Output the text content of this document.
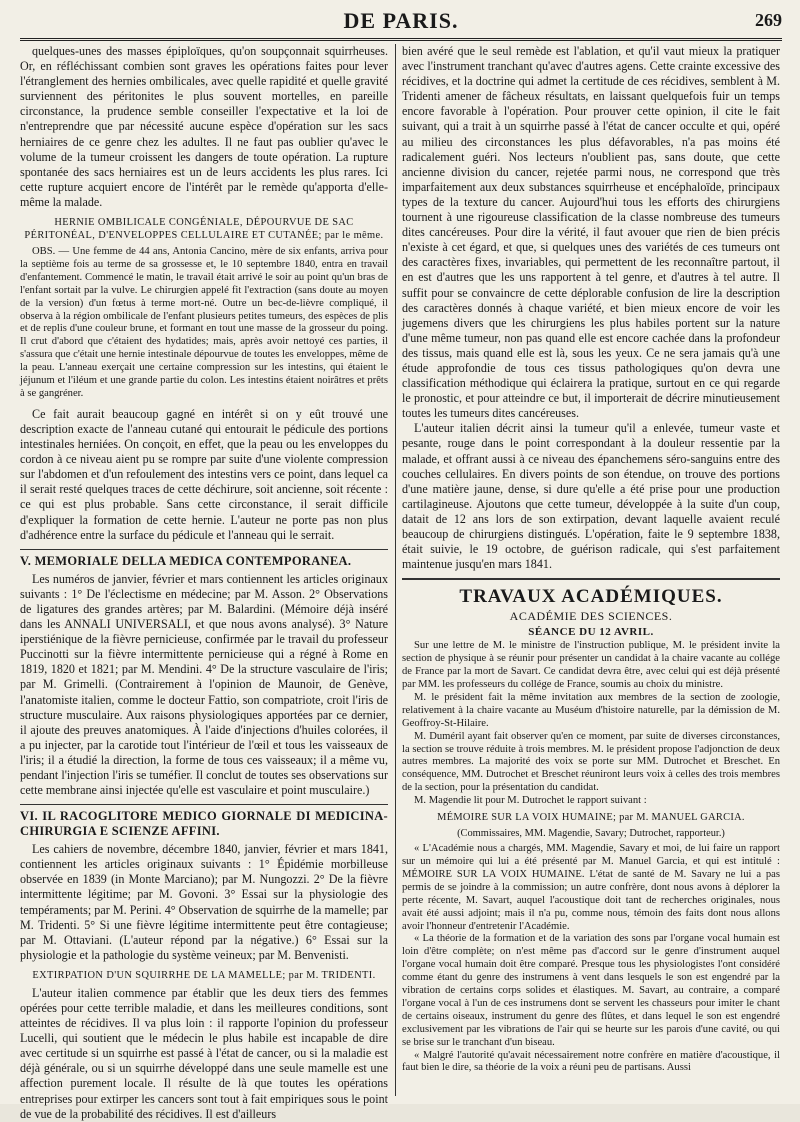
DE PARIS.	269

quelques-unes des masses épiploïques, qu'on soupçonnait squirrheuses. Or, en réfléchissant combien sont graves les opérations faites pour lever l'étranglement des hernies ombilicales, avec quelle rapidité et quelle gravité surviennent des péritonites le plus souvent mortelles, en pareille circonstance, la prudence semble conseiller l'expectative et la loi de n'entreprendre que par nécessité aucune espèce d'opération sur les sacs herniaires de ce genre chez les adultes. Il ne faut pas oublier qu'avec le volume de la tumeur croissent les dangers de toute opération. La rupture spontanée des sacs herniaires est un de leurs accidents les plus rares. Ici cette rupture acquiert encore de l'intérêt par le remède qu'apporta d'elle-même la malade.

HERNIE OMBILICALE CONGÉNIALE, DÉPOURVUE DE SAC PÉRITONÉAL, D'ENVELOPPES CELLULAIRE ET CUTANÉE; par le même.

OBS. — Une femme de 44 ans, Antonia Cancino, mère de six enfants, arriva pour la septième fois au terme de sa grossesse et, le 10 septembre 1840, entra en travail d'enfantement. Commencé le matin, le travail était arrivé le soir au point qu'un bras de l'enfant sortait par la vulve. Le chirurgien appelé fit l'extraction (sans doute au moyen de la version) d'un fœtus à terme mort-né. Outre un bec-de-lièvre compliqué, il observa à la région ombilicale de l'enfant plusieurs petites tumeurs, des espèces de plis et de replis d'une couleur brune, et formant en tout une masse de la grosseur du poing. Il crut d'abord que c'étaient des hydatides; mais, après avoir nettoyé ces parties, il s'assura que c'était une hernie intestinale dépourvue de toutes les enveloppes, même de la peau. L'anneau exerçait une certaine compression sur les intestins, qui étaient le jéjunum et l'iléum et une grande partie du colon. Les intestins étaient noirâtres et prêts à se gangréner.

Ce fait aurait beaucoup gagné en intérêt si on y eût trouvé une description exacte de l'anneau cutané qui entourait le pédicule des portions intestinales herniées. On conçoit, en effet, que la peau ou les enveloppes du cordon à ce niveau aient pu se rompre par suite d'une violente compression sur l'abdomen et d'un refoulement des intestins vers ce point, dans lequel ca il serait resté quelques traces de cette déchirure, soit ancienne, soit récente : ce qui est plus probable. Sans cette circonstance, il serait difficile d'expliquer la formation de cette hernie. L'auteur ne porte pas non plus d'adhérence entre la surface du pédicule et l'anneau qui le serrait.

V. MEMORIALE DELLA MEDICA CONTEMPORANEA.

Les numéros de janvier, février et mars contiennent les articles originaux suivants : 1° De l'éclectisme en médecine; par M. Asson. 2° Observations de ligatures des grandes artères; par M. Balardini. (Mémoire déjà inséré dans les ANNALI UNIVERSALI, et que nous avons analysé). 3° Nature iperstiénique de la fièvre pernicieuse, confirmée par le travail du professeur Puccinotti sur la fièvre intermittente pernicieuse qui a régné à Rome en 1819, 1820 et 1821; par M. Mendini. 4° De la structure vasculaire de l'iris; par M. Grimelli. (Contrairement à l'opinion de Maunoir, de Genève, l'anatomiste italien, comme le docteur Fattio, son compatriote, croit l'iris de structure musculaire. Aux raisons physiologiques apportées par ce dernier, il ajoute des preuves anatomiques. À l'aide d'injections d'huiles colorées, il a pu injecter, par la carotide tout l'intérieur de l'œil et tous les vaisseaux de l'iris; il a étudié la direction, la forme de tous ces vaisseaux; il a même vu, pendant l'injection l'iris se tuméfier. Il conclut de toutes ses observations sur cette membrane ainsi injectée qu'elle est vasculaire et point musculaire.)

VI. IL RACOGLITORE MEDICO GIORNALE DI MEDICINA-CHIRURGIA E SCIENZE AFFINI.

Les cahiers de novembre, décembre 1840, janvier, février et mars 1841, contiennent les articles originaux suivants : 1° Épidémie morbilleuse observée en 1839 (in Monte Marciano); par M. Nungozzi. 2° De la fièvre intermittente légitime; par M. Govoni. 3° Essai sur la physiologie des tempéraments; par M. Perini. 4° Observation de squirrhe de la mamelle; par M. Tridenti. 5° Si une fièvre légitime intermittente peut être contagieuse; par M. Ottaviani. (L'auteur répond par la négative.) 6° Essai sur la physiologie et la pathologie du système veineux; par M. Benvenisti.

EXTIRPATION D'UN SQUIRRHE DE LA MAMELLE; par M. TRIDENTI.

L'auteur italien commence par établir que les deux tiers des femmes opérées pour cette terrible maladie, et dans les meilleures conditions, sont atteintes de récidives. Il va plus loin : il rapporte l'opinion du professeur Lucelli, qui soutient que le médecin le plus habile est incapable de dire avec certitude si un squirrhe est passé à l'état de cancer, ou si la maladie est déjà générale, ou si un squirrhe développé dans une seule mamelle est une affection purement locale. Il résulte de là que toutes les opérations entreprises pour extirper les cancers sont tout à fait empiriques sous le point de vue de la probabilité des récidives. Il est d'ailleurs

bien avéré que le seul remède est l'ablation, et qu'il vaut mieux la pratiquer avec l'instrument tranchant qu'avec d'autres agens. Cette crainte excessive des récidives, et la doctrine qui admet la certitude de ces récidives, semblent à M. Tridenti amener de fâcheux résultats, en laissant quelquefois fuir un temps encore favorable à l'opération. Pour prouver cette opinion, il cite le fait suivant, qui a trait à un squirrhe passé à l'état de cancer occulte et qui, opéré au milieu des circonstances les plus défavorables, n'a pas moins été radicalement guéri. Nos lecteurs n'oublient pas, sans doute, que cette ancienne division du cancer, rejetée parmi nous, ne correspond que très imparfaitement aux deux substances squirrheuse et encéphaloïde, principaux types de la texture du cancer. Aujourd'hui tous les efforts des chirurgiens tournent à une rigoureuse classification de la classe nombreuse des tumeurs dites cancéreuses. Pour dire la vérité, il faut avouer que rien de bien précis n'existe à cet égard, et que, si quelques unes des variétés de ces tumeurs ont des caractères fixes, invariables, qui permettent de les reconnaître partout, il en est d'autres que les uns rapportent à tel genre, et d'autres à tel autre. Il suffit pour se convaincre de cette déplorable confusion de lire la description des caractères donnés à chaque variété, et bien mieux encore de voir les jugemens divers que les chirurgiens les plus habiles portent sur la nature d'une même tumeur, non pas quand elle est encore cachée dans la profondeur des tissus, mais quand elle est là, sous les yeux. Ce ne sera jamais qu'à une étude approfondie de tous ces tissus pathologiques qu'on devra une classification méthodique qui éclairera la pratique, surtout en ce qui regarde le pronostic, et pour atteindre ce but, il importerait de décrire minutieusement toutes les tumeurs dites cancéreuses.

L'auteur italien décrit ainsi la tumeur qu'il a enlevée, tumeur vaste et pesante, rouge dans le point correspondant à la douleur ressentie par la malade, et offrant aussi à ce niveau des épanchemens séro-sanguins entre des couches cellulaires. En divers points de son étendue, on trouve des portions d'une matière jaune, dense, si dure qu'elle a été prise pour une production cartilagineuse. Ajoutons que cette tumeur, développée à la suite d'un coup, datait de 12 ans lors de son extirpation, devant laquelle avaient reculé beaucoup de chirurgiens distingués. L'opération, faite le 9 septembre 1838, était suivie, le 19 octobre, de guérison radicale, qui s'est parfaitement maintenue jusqu'en mars 1841.

TRAVAUX ACADÉMIQUES.
ACADÉMIE DES SCIENCES.
SÉANCE DU 12 AVRIL.

Sur une lettre de M. le ministre de l'instruction publique, M. le président invite la section de physique à se réunir pour présenter un candidat à la chaire vacante au collége de France par la mort de Savart. Ce candidat devra être, avec celui qui est déjà présenté par MM. les professeurs du collége de France, soumis au choix du ministre.

M. le président fait la même invitation aux membres de la section de zoologie, relativement à la chaire vacante au Muséum d'histoire naturelle, par la démission de M. Geoffroy-St-Hilaire.

M. Duméril ayant fait observer qu'en ce moment, par suite de diverses circonstances, la section se trouve réduite à trois membres. M. le président propose l'adjonction de deux autres membres. La majorité des voix se porte sur MM. Dutrochet et Breschet. En conséquence, MM. Dutrochet et Breschet réuniront leurs voix à celles des trois membres de la section, pour la présentation du candidat.

M. Magendie lit pour M. Dutrochet le rapport suivant :

MÉMOIRE SUR LA VOIX HUMAINE; par M. MANUEL GARCIA.
(Commissaires, MM. Magendie, Savary; Dutrochet, rapporteur.)

« L'Académie nous a chargés, MM. Magendie, Savary et moi, de lui faire un rapport sur un mémoire qui lui a été présenté par M. Manuel Garcia, et qui est intitulé : MÉMOIRE SUR LA VOIX HUMAINE. L'état de santé de M. Savary ne lui a pas permis de se joindre à la commission; un autre confrère, dont nous avons à déplorer la perte récente, M. Savart, auquel l'acoustique doit tant de recherches originales, nous avait été aussi adjoint; mais il n'a pu, comme nous, témoin des faits dont nous allons avoir l'honneur d'entretenir l'Académie.

« La théorie de la formation et de la variation des sons par l'organe vocal humain est loin d'être complète; on n'est même pas d'accord sur le genre d'instrument auquel l'organe vocal humain doit être comparé. Presque tous les physiologistes l'ont considéré comme étant du genre des instrumens à vent dans lesquels le son est engendré par la vibration de certains corps solides et élastiques. M. Savart, au contraire, a comparé l'organe vocal à l'un de ces instrumens dont se servent les chasseurs pour imiter le chant de certains oiseaux, instrument du genre des flûtes, et dans lequel le son est engendré exclusivement par les vibrations de l'air qui se heurte sur les parois d'une cavité, ou qui se brise sur le tranchant d'un biseau.

« Malgré l'autorité qu'avait nécessairement notre confrère en matière d'acoustique, il faut bien le dire, sa théorie de la voix a réuni peu de partisans. Aussi
